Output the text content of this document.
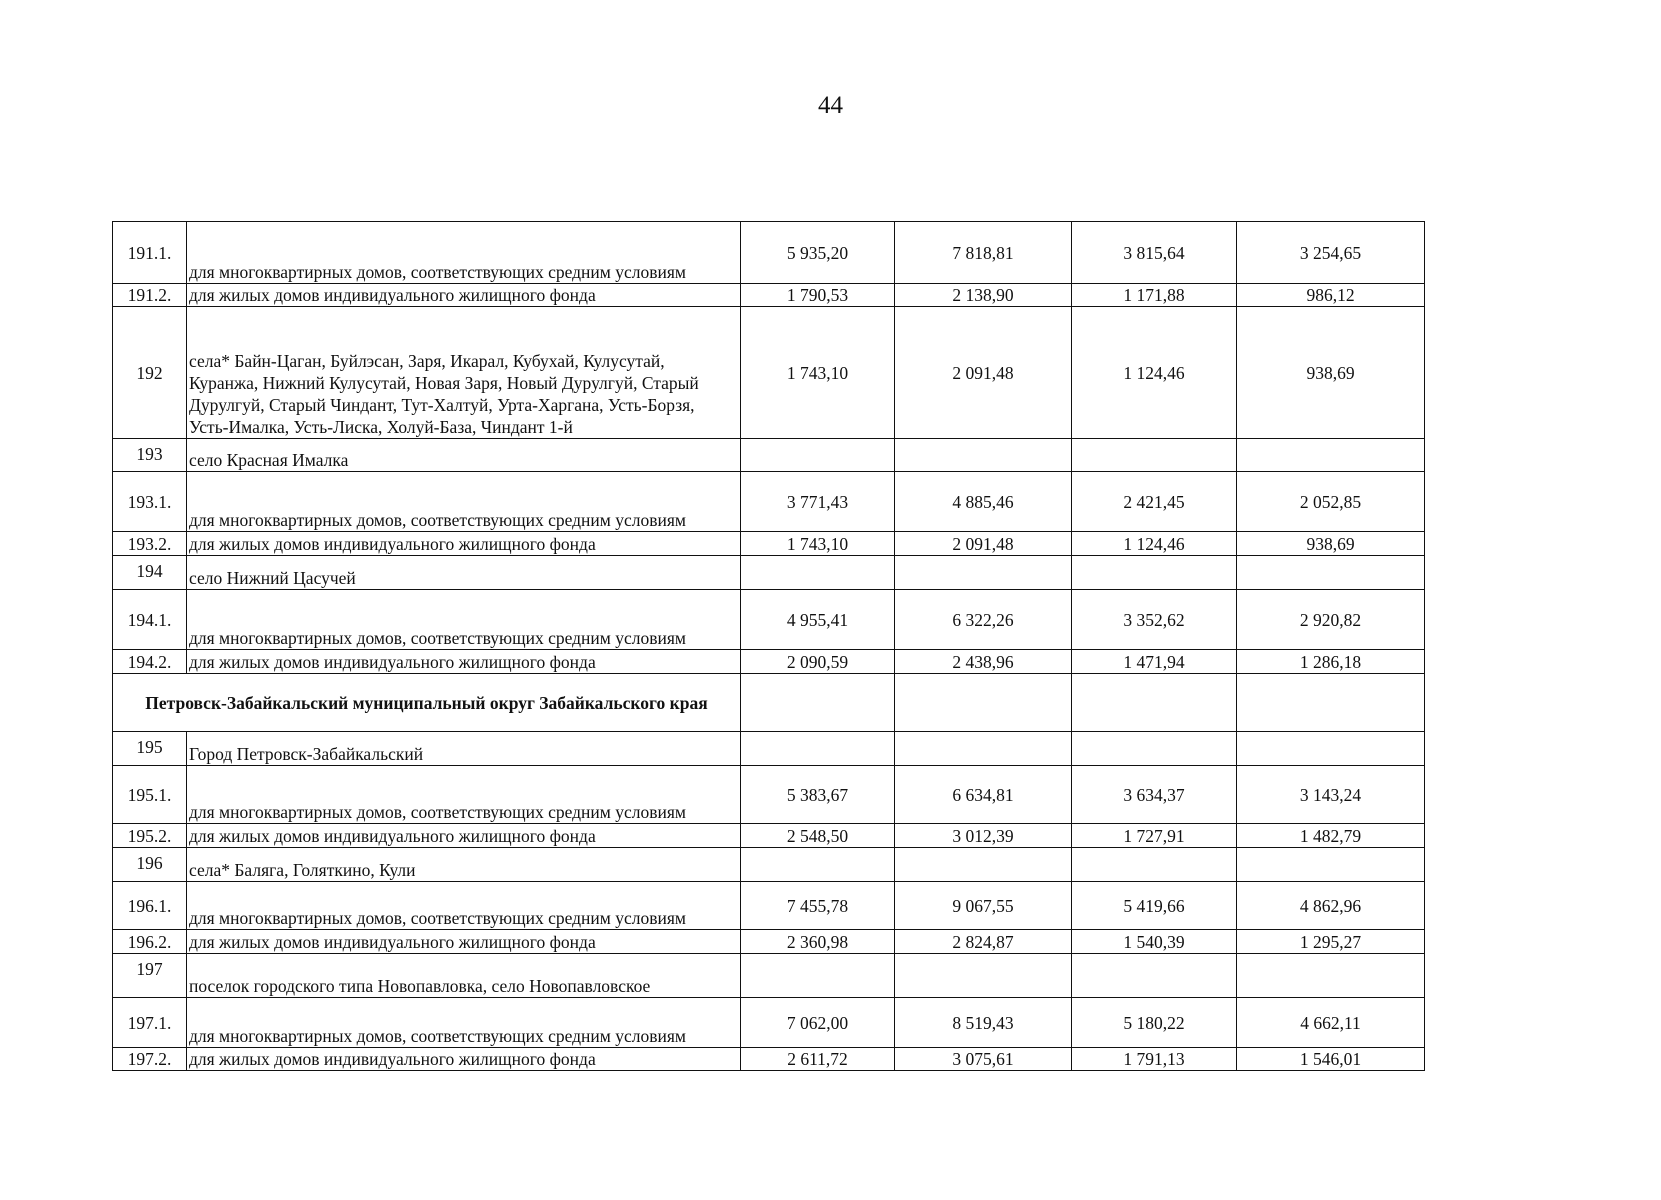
44
191.1.	для многоквартирных домов, соответствующих средним условиям	5 935,20	7 818,81	3 815,64	3 254,65
191.2.	для жилых домов индивидуального жилищного фонда	1 790,53	2 138,90	1 171,88	986,12
192	села* Байн-Цаган, Буйлэсан, Заря, Икарал, Кубухай, Кулусутай, Куранжа, Нижний Кулусутай, Новая Заря, Новый Дурулгуй, Старый Дурулгуй, Старый Чиндант, Тут-Халтуй, Урта-Харгана, Усть-Борзя, Усть-Ималка, Усть-Лиска, Холуй-База, Чиндант 1-й	1 743,10	2 091,48	1 124,46	938,69
193	село Красная Ималка				
193.1.	для многоквартирных домов, соответствующих средним условиям	3 771,43	4 885,46	2 421,45	2 052,85
193.2.	для жилых домов индивидуального жилищного фонда	1 743,10	2 091,48	1 124,46	938,69
194	село Нижний Цасучей				
194.1.	для многоквартирных домов, соответствующих средним условиям	4 955,41	6 322,26	3 352,62	2 920,82
194.2.	для жилых домов индивидуального жилищного фонда	2 090,59	2 438,96	1 471,94	1 286,18
Петровск-Забайкальский муниципальный округ Забайкальского края					
195	Город Петровск-Забайкальский				
195.1.	для многоквартирных домов, соответствующих средним условиям	5 383,67	6 634,81	3 634,37	3 143,24
195.2.	для жилых домов индивидуального жилищного фонда	2 548,50	3 012,39	1 727,91	1 482,79
196	села* Баляга, Голяткино, Кули				
196.1.	для многоквартирных домов, соответствующих средним условиям	7 455,78	9 067,55	5 419,66	4 862,96
196.2.	для жилых домов индивидуального жилищного фонда	2 360,98	2 824,87	1 540,39	1 295,27
197	поселок городского типа Новопавловка, село Новопавловское				
197.1.	для многоквартирных домов, соответствующих средним условиям	7 062,00	8 519,43	5 180,22	4 662,11
197.2.	для жилых домов индивидуального жилищного фонда	2 611,72	3 075,61	1 791,13	1 546,01
